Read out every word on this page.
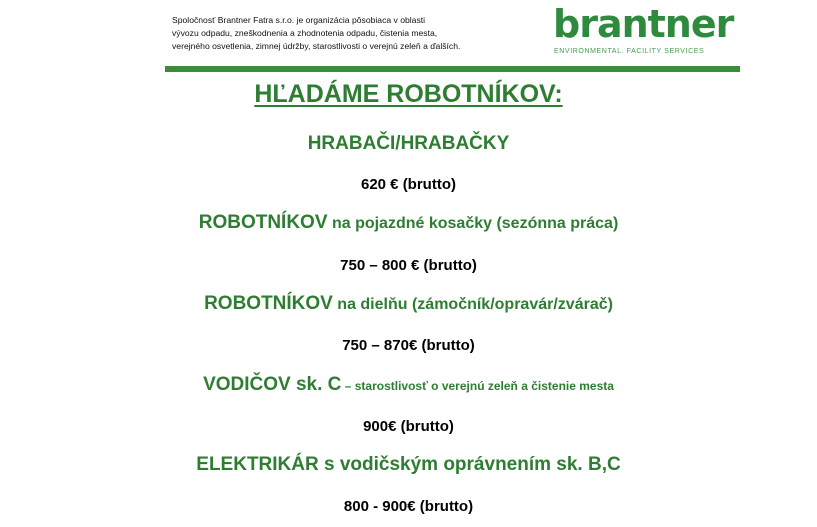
Spoločnosť Brantner Fatra s.r.o. je organizácia pôsobiaca v oblasti
vývozu odpadu, zneškodnenia a zhodnotenia odpadu, čistenia mesta,
verejného osvetlenia, zimnej údržby, starostlivosti o verejnú zeleň a ďalších.	brantner
ENVIRONMENTAL. FACILITY SERVICES
HĽADÁME ROBOTNÍKOV:
HRABAČI/HRABAČKY
620 € (brutto)
ROBOTNÍKOV na pojazdné kosačky (sezónna práca)
750 – 800 € (brutto)
ROBOTNÍKOV na dielňu (zámočník/opravár/zvárač)
750 – 870€ (brutto)
VODIČOV sk. C – starostlivosť o verejnú zeleň a čistenie mesta
900€ (brutto)
ELEKTRIKÁR s vodičským oprávnením sk. B,C
800 - 900€ (brutto)
